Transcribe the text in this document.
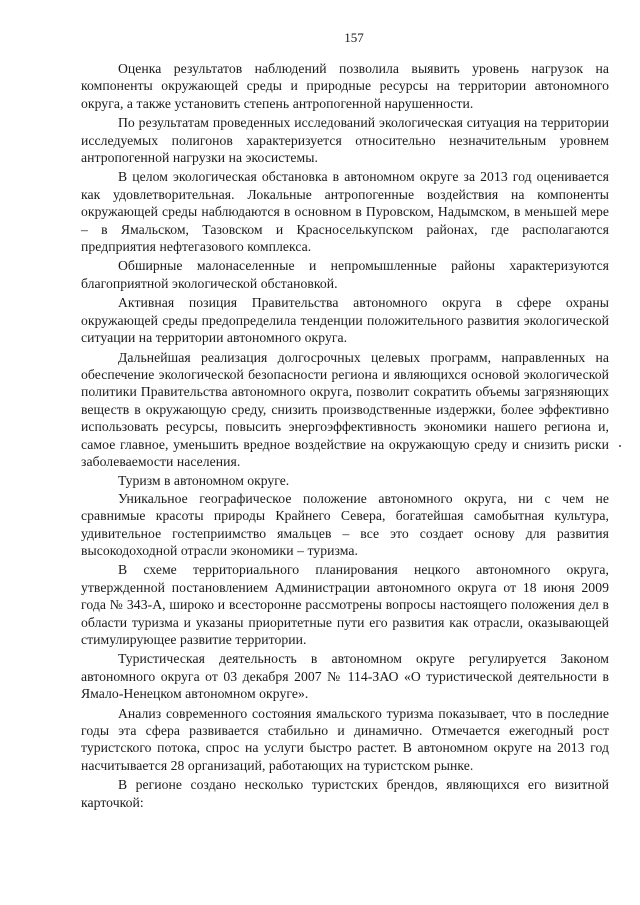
157

Оценка результатов наблюдений позволила выявить уровень нагрузок на компоненты окружающей среды и природные ресурсы на территории автономного округа, а также установить степень антропогенной нарушенности.

По результатам проведенных исследований экологическая ситуация на территории исследуемых полигонов характеризуется относительно незначительным уровнем антропогенной нагрузки на экосистемы.

В целом экологическая обстановка в автономном округе за 2013 год оценивается как удовлетворительная. Локальные антропогенные воздействия на компоненты окружающей среды наблюдаются в основном в Пуровском, Надымском, в меньшей мере – в Ямальском, Тазовском и Красноселькупском районах, где располагаются предприятия нефтегазового комплекса.

Обширные малонаселенные и непромышленные районы характеризуются благоприятной экологической обстановкой.

Активная позиция Правительства автономного округа в сфере охраны окружающей среды предопределила тенденции положительного развития экологической ситуации на территории автономного округа.

Дальнейшая реализация долгосрочных целевых программ, направленных на обеспечение экологической безопасности региона и являющихся основой экологической политики Правительства автономного округа, позволит сократить объемы загрязняющих веществ в окружающую среду, снизить производственные издержки, более эффективно использовать ресурсы, повысить энергоэффективность экономики нашего региона и, самое главное, уменьшить вредное воздействие на окружающую среду и снизить риски заболеваемости населения.

Туризм в автономном округе.

Уникальное географическое положение автономного округа, ни с чем не сравнимые красоты природы Крайнего Севера, богатейшая самобытная культура, удивительное гостеприимство ямальцев – все это создает основу для развития высокодоходной отрасли экономики – туризма.

В схеме территориального планирования нецкого автономного округа, утвержденной постановлением Администрации автономного округа от 18 июня 2009 года № 343-А, широко и всесторонне рассмотрены вопросы настоящего положения дел в области туризма и указаны приоритетные пути его развития как отрасли, оказывающей стимулирующее развитие территории.

Туристическая деятельность в автономном округе регулируется Законом автономного округа от 03 декабря 2007 № 114-ЗАО «О туристической деятельности в Ямало-Ненецком автономном округе».

Анализ современного состояния ямальского туризма показывает, что в последние годы эта сфера развивается стабильно и динамично. Отмечается ежегодный рост туристского потока, спрос на услуги быстро растет. В автономном округе на 2013 год насчитывается 28 организаций, работающих на туристском рынке.

В регионе создано несколько туристских брендов, являющихся его визитной карточкой:
